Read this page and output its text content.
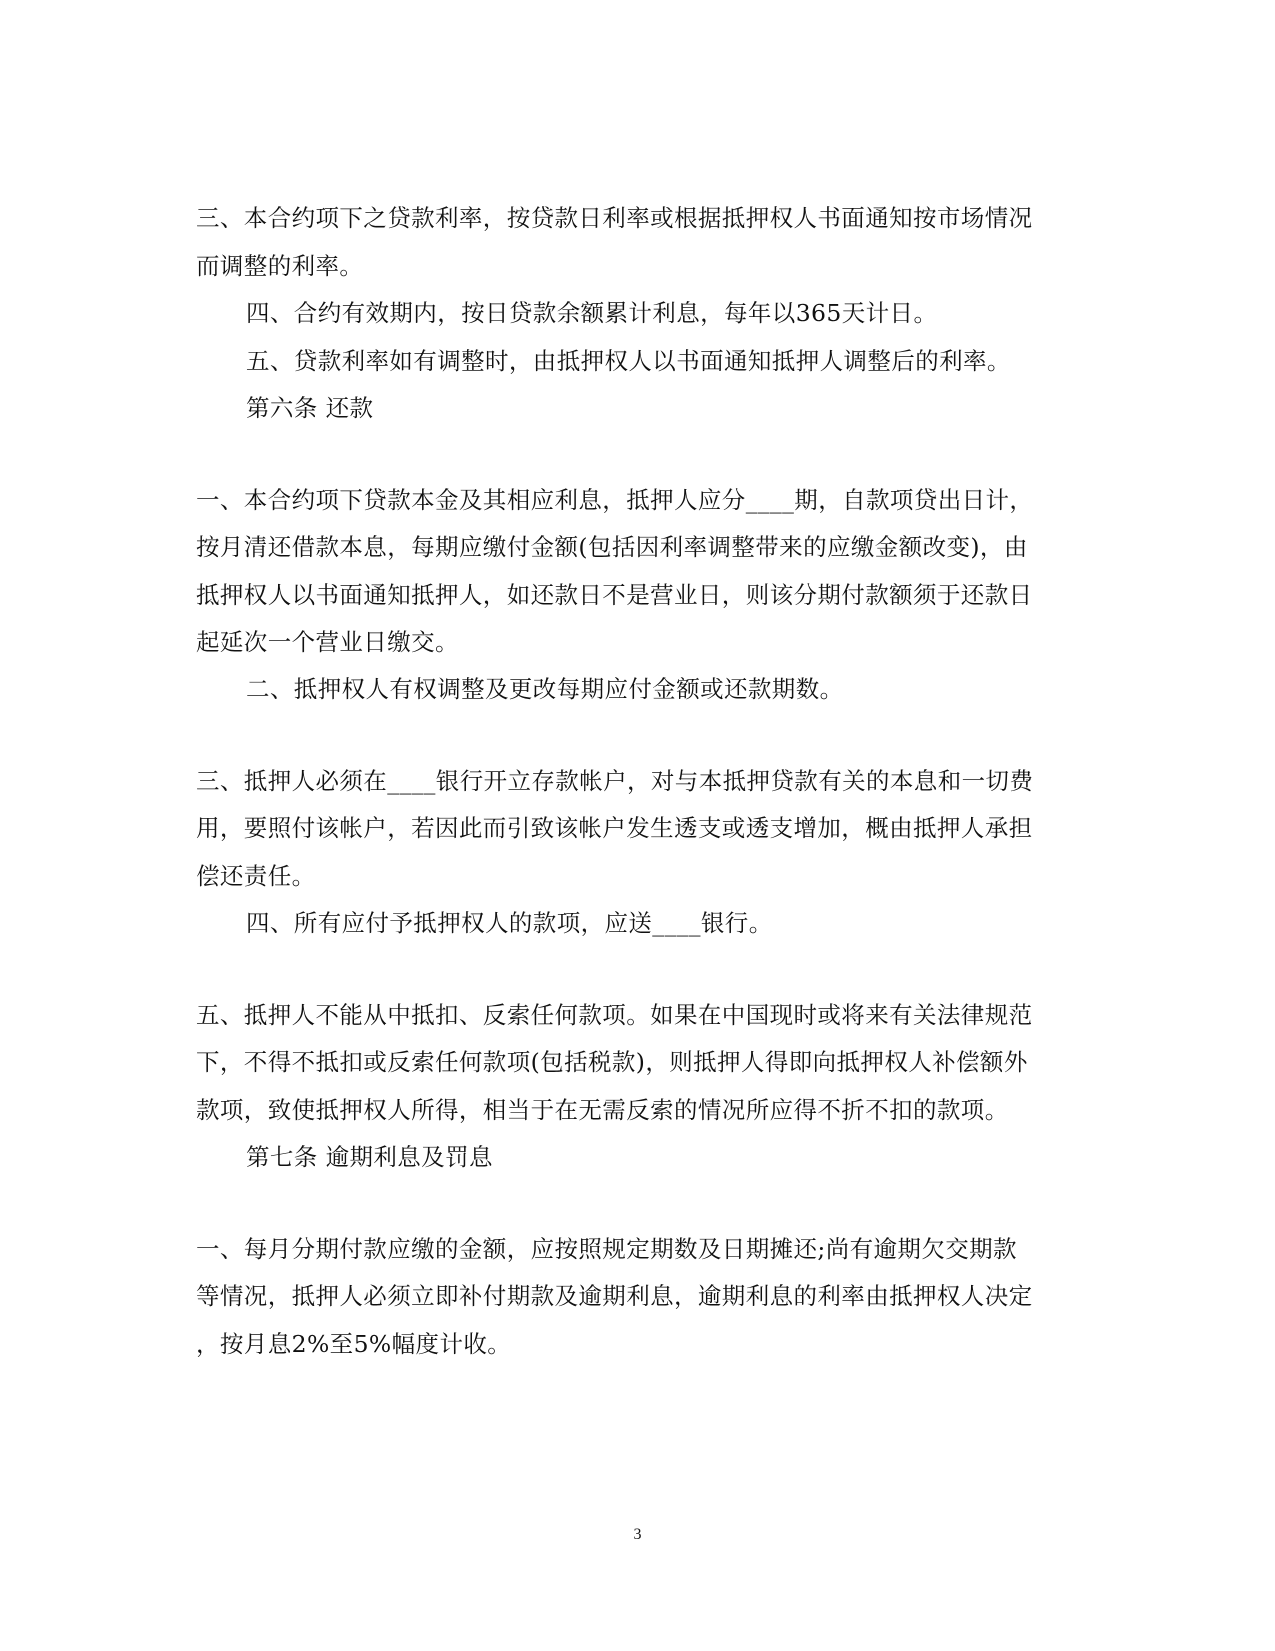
三、本合约项下之贷款利率，按贷款日利率或根据抵押权人书面通知按市场情况
而调整的利率。
四、合约有效期内，按日贷款余额累计利息，每年以365天计日。
五、贷款利率如有调整时，由抵押权人以书面通知抵押人调整后的利率。
第六条 还款
一、本合约项下贷款本金及其相应利息，抵押人应分____期，自款项贷出日计，
按月清还借款本息，每期应缴付金额(包括因利率调整带来的应缴金额改变)，由
抵押权人以书面通知抵押人，如还款日不是营业日，则该分期付款额须于还款日
起延次一个营业日缴交。
二、抵押权人有权调整及更改每期应付金额或还款期数。
三、抵押人必须在____银行开立存款帐户，对与本抵押贷款有关的本息和一切费
用，要照付该帐户，若因此而引致该帐户发生透支或透支增加，概由抵押人承担
偿还责任。
四、所有应付予抵押权人的款项，应送____银行。
五、抵押人不能从中抵扣、反索任何款项。如果在中国现时或将来有关法律规范
下，不得不抵扣或反索任何款项(包括税款)，则抵押人得即向抵押权人补偿额外
款项，致使抵押权人所得，相当于在无需反索的情况所应得不折不扣的款项。
第七条 逾期利息及罚息
一、每月分期付款应缴的金额，应按照规定期数及日期摊还;尚有逾期欠交期款
等情况，抵押人必须立即补付期款及逾期利息，逾期利息的利率由抵押权人决定
，按月息2%至5%幅度计收。
3
